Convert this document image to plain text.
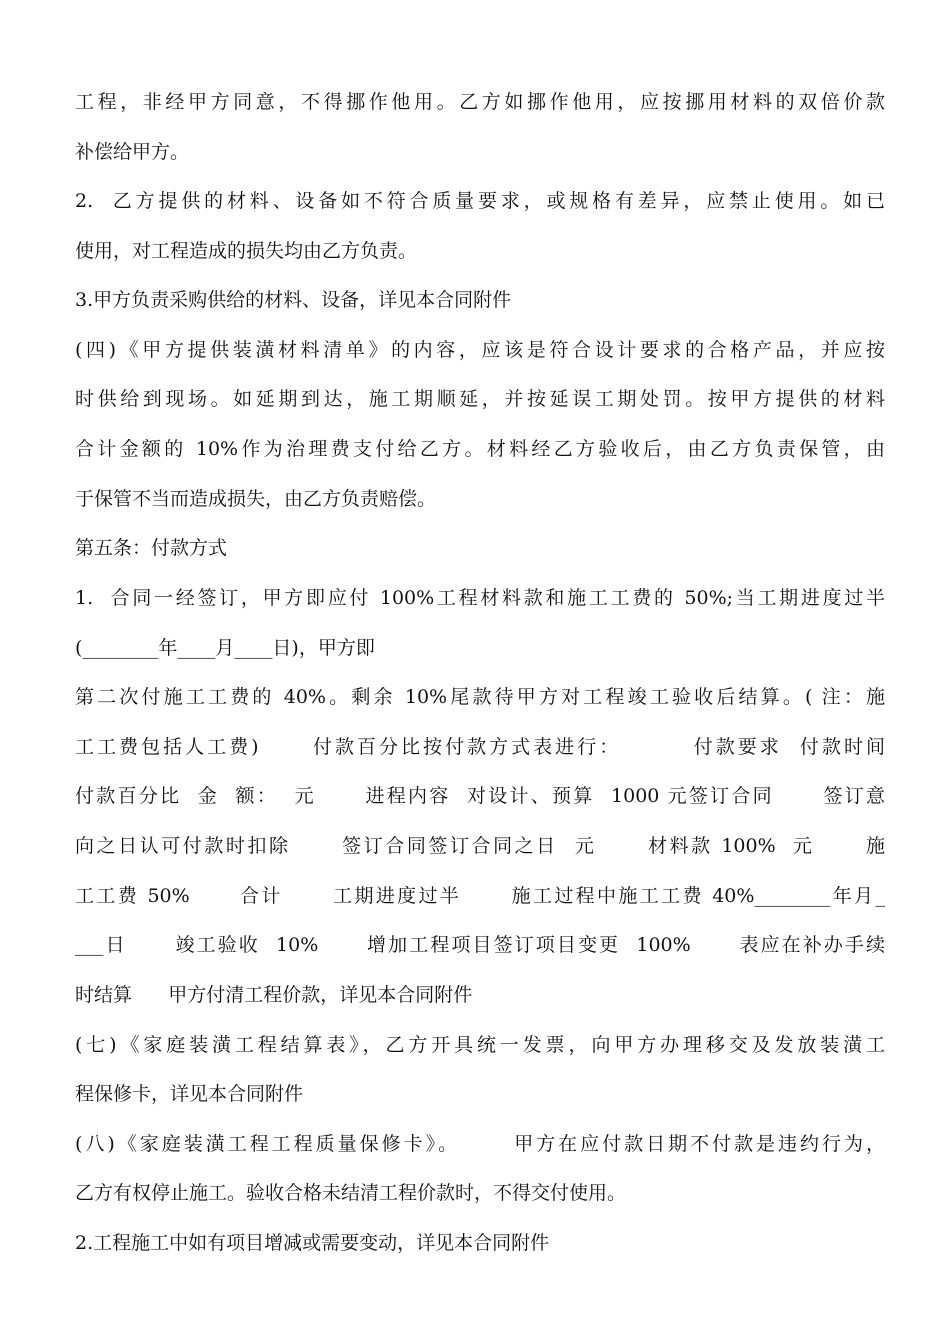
工程，非经甲方同意，不得挪作他用。乙方如挪作他用，应按挪用材料的双倍价款
补偿给甲方。
2.  乙方提供的材料、设备如不符合质量要求，或规格有差异，应禁止使用。如已
使用，对工程造成的损失均由乙方负责。
3.甲方负责采购供给的材料、设备，详见本合同附件
(四)《甲方提供装潢材料清单》的内容，应该是符合设计要求的合格产品，并应按
时供给到现场。如延期到达，施工期顺延，并按延误工期处罚。按甲方提供的材料
合计金额的 10%作为治理费支付给乙方。材料经乙方验收后，由乙方负责保管，由
于保管不当而造成损失，由乙方负责赔偿。
第五条：付款方式
1.  合同一经签订，甲方即应付 100%工程材料款和施工工费的 50%;当工期进度过半
(________年____月____日)，甲方即
第二次付施工工费的 40%。剩余 10%尾款待甲方对工程竣工验收后结算。( 注：施
工工费包括人工费)      付款百分比按付款方式表进行：        付款要求  付款时间
付款百分比  金  额：  元      进程内容  对设计、预算  1000 元签订合同      签订意
向之日认可付款时扣除      签订合同签订合同之日  元      材料款 100%  元      施
工工费 50%      合计      工期进度过半      施工过程中施工工费 40%________年月_
___日      竣工验收  10%      增加工程项目签订项目变更  100%      表应在补办手续
时结算      甲方付清工程价款，详见本合同附件
(七)《家庭装潢工程结算表》，乙方开具统一发票，向甲方办理移交及发放装潢工
程保修卡，详见本合同附件
(八)《家庭装潢工程工程质量保修卡》。      甲方在应付款日期不付款是违约行为，
乙方有权停止施工。验收合格未结清工程价款时，不得交付使用。
2.工程施工中如有项目增减或需要变动，详见本合同附件
